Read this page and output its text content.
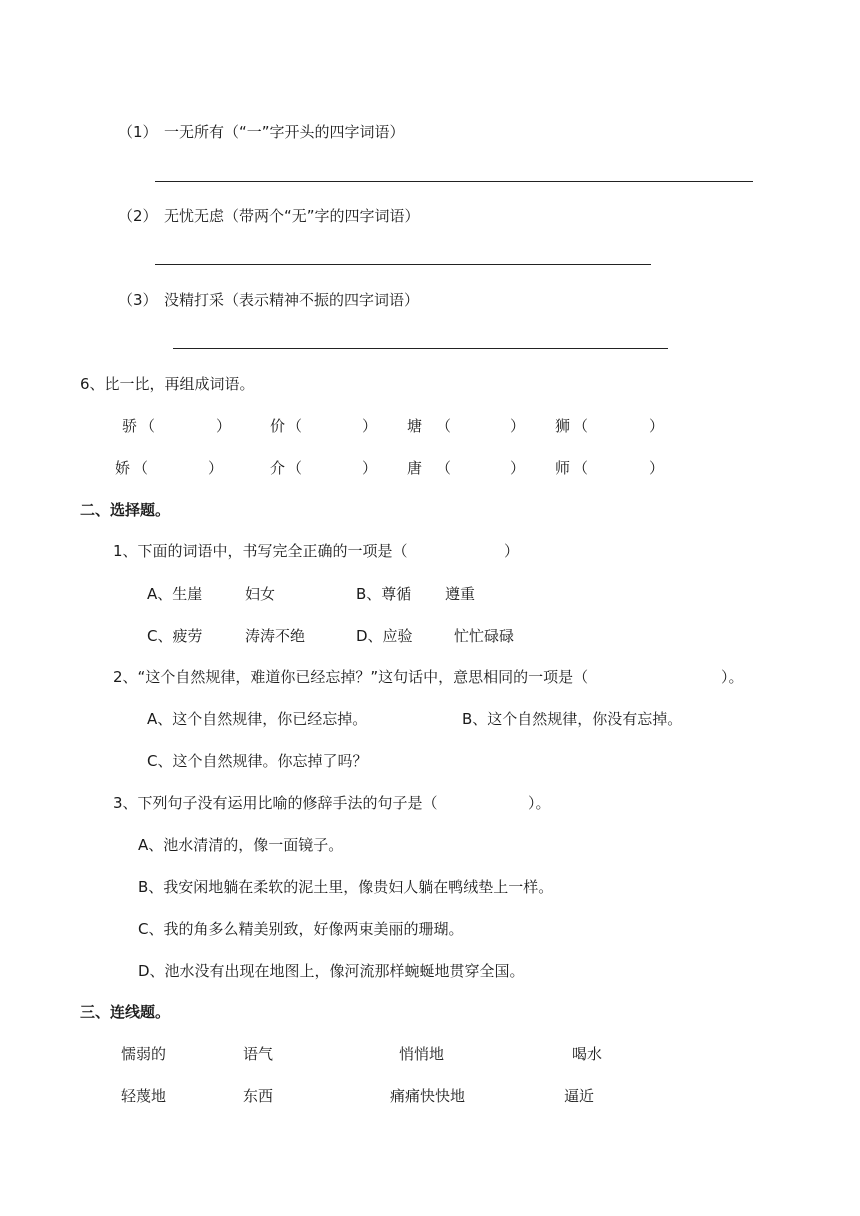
（1） 一无所有（“一”字开头的四字词语）
（2） 无忧无虑（带两个“无”字的四字词语）
（3） 没精打采（表示精神不振的四字词语）
6、比一比，再组成词语。
骄 （	）	价 （	） 塘 （	） 狮 （	）
娇 （	）	介 （	） 唐 （	） 师 （	）
二、选择题。
1、下面的词语中，书写完全正确的一项是（	）
A、生崖	妇女	B、尊循 遵重
C、疲劳	涛涛不绝	D、应验	忙忙碌碌
2、“这个自然规律，难道你已经忘掉？”这句话中，意思相同的一项是（	）。
A、这个自然规律，你已经忘掉。	B、这个自然规律，你没有忘掉。
C、这个自然规律。你忘掉了吗？
3、下列句子没有运用比喻的修辞手法的句子是（	）。
A、池水清清的，像一面镜子。
B、我安闲地躺在柔软的泥土里，像贵妇人躺在鸭绒垫上一样。
C、我的角多么精美别致，好像两束美丽的珊瑚。
D、池水没有出现在地图上，像河流那样蜿蜒地贯穿全国。
三、连线题。
懦弱的	语气	悄悄地	喝水
轻蔑地	东西	痛痛快快地	逼近
